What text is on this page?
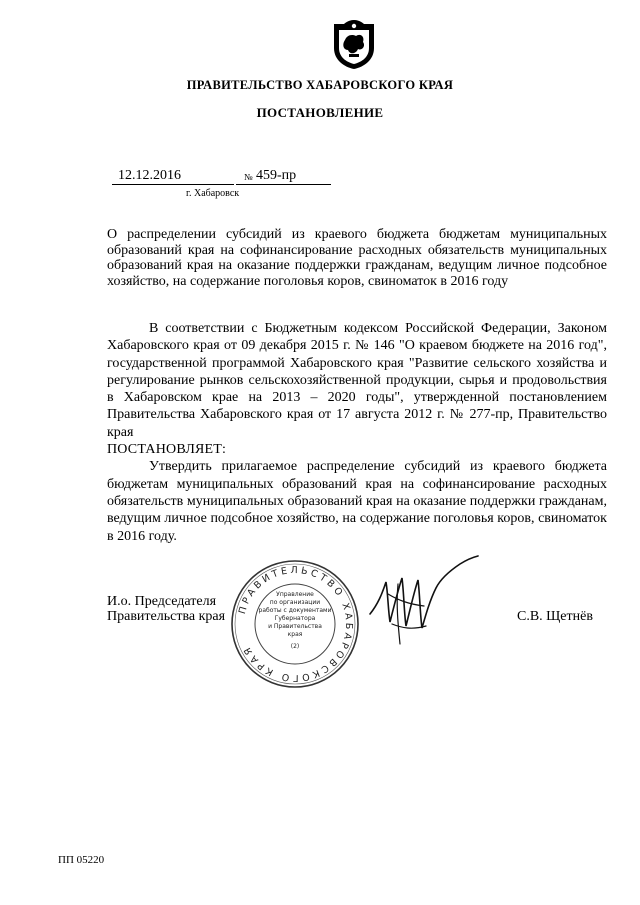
ПРАВИТЕЛЬСТВО ХАБАРОВСКОГО КРАЯ
ПОСТАНОВЛЕНИЕ
12.12.2016	№ 459-пр
г. Хабаровск
О распределении субсидий из краевого бюджета бюджетам муниципальных образований края на софинансирование расходных обязательств муниципальных образований края на оказание поддержки гражданам, ведущим личное подсобное хозяйство, на содержание поголовья коров, свиноматок в 2016 году
В соответствии с Бюджетным кодексом Российской Федерации, Законом Хабаровского края от 09 декабря 2015 г. № 146 "О краевом бюджете на 2016 год", государственной программой Хабаровского края "Развитие сельского хозяйства и регулирование рынков сельскохозяйственной продукции, сырья и продовольствия в Хабаровском крае на 2013 – 2020 годы", утвержденной постановлением Правительства Хабаровского края от 17 августа 2012 г. № 277-пр, Правительство края
ПОСТАНОВЛЯЕТ:
Утвердить прилагаемое распределение субсидий из краевого бюджета бюджетам муниципальных образований края на софинансирование расходных обязательств муниципальных образований края на оказание поддержки гражданам, ведущим личное подсобное хозяйство, на содержание поголовья коров, свиноматок в 2016 году.
И.о. Председателя
Правительства края
ПРАВИТЕЛЬСТВО ХАБАРОВСКОГО КРАЯ
Управление
по организации
работы с документами
Губернатора
и Правительства
края
(2)
С.В. Щетнёв
ПП 05220
